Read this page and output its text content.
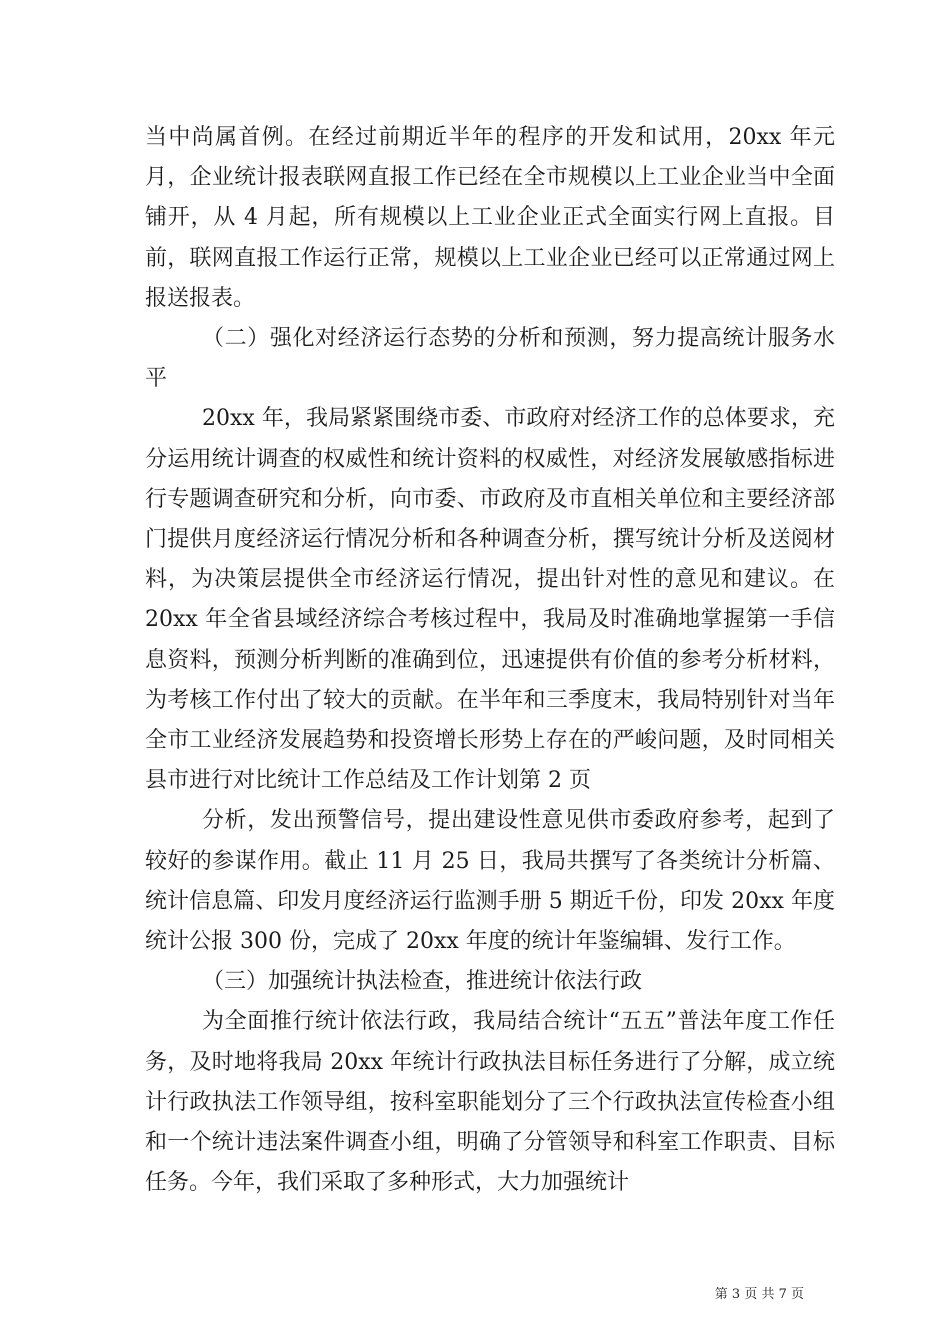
当中尚属首例。在经过前期近半年的程序的开发和试用，20xx 年元月，企业统计报表联网直报工作已经在全市规模以上工业企业当中全面铺开，从 4 月起，所有规模以上工业企业正式全面实行网上直报。目前，联网直报工作运行正常，规模以上工业企业已经可以正常通过网上报送报表。

（二）强化对经济运行态势的分析和预测，努力提高统计服务水平

20xx 年，我局紧紧围绕市委、市政府对经济工作的总体要求，充分运用统计调查的权威性和统计资料的权威性，对经济发展敏感指标进行专题调查研究和分析，向市委、市政府及市直相关单位和主要经济部门提供月度经济运行情况分析和各种调查分析，撰写统计分析及送阅材料，为决策层提供全市经济运行情况，提出针对性的意见和建议。在 20xx 年全省县域经济综合考核过程中，我局及时准确地掌握第一手信息资料，预测分析判断的准确到位，迅速提供有价值的参考分析材料，为考核工作付出了较大的贡献。在半年和三季度末，我局特别针对当年全市工业经济发展趋势和投资增长形势上存在的严峻问题，及时同相关县市进行对比统计工作总结及工作计划第 2 页

分析，发出预警信号，提出建设性意见供市委政府参考，起到了较好的参谋作用。截止 11 月 25 日，我局共撰写了各类统计分析篇、统计信息篇、印发月度经济运行监测手册 5 期近千份，印发 20xx 年度统计公报 300 份，完成了 20xx 年度的统计年鉴编辑、发行工作。

（三）加强统计执法检查，推进统计依法行政

为全面推行统计依法行政，我局结合统计“五五”普法年度工作任务，及时地将我局 20xx 年统计行政执法目标任务进行了分解，成立统计行政执法工作领导组，按科室职能划分了三个行政执法宣传检查小组和一个统计违法案件调查小组，明确了分管领导和科室工作职责、目标任务。今年，我们采取了多种形式，大力加强统计

第 3 页 共 7 页
